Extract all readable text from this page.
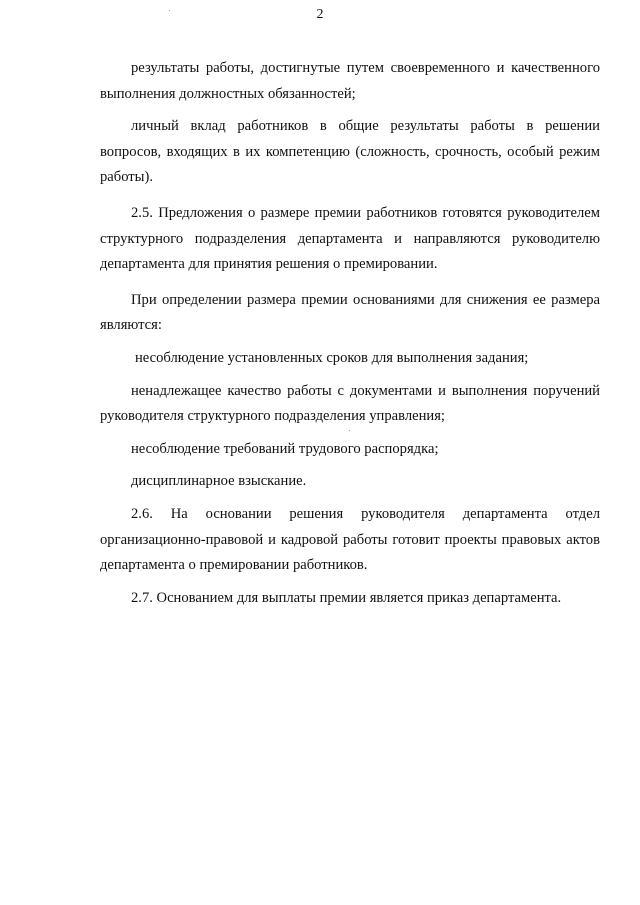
2

результаты работы, достигнутые путем своевременного и качественного выполнения должностных обязанностей;

личный вклад работников в общие результаты работы в решении вопросов, входящих в их компетенцию (сложность, срочность, особый режим работы).

2.5. Предложения о размере премии работников готовятся руководителем структурного подразделения департамента и направляются руководителю департамента для принятия решения о премировании.

При определении размера премии основаниями для снижения ее размера являются:

несоблюдение установленных сроков для выполнения задания;

ненадлежащее качество работы с документами и выполнения поручений руководителя структурного подразделения управления;

несоблюдение требований трудового распорядка;

дисциплинарное взыскание.

2.6. На основании решения руководителя департамента отдел организационно-правовой и кадровой работы готовит проекты правовых актов департамента о премировании работников.

2.7. Основанием для выплаты премии является приказ департамента.
